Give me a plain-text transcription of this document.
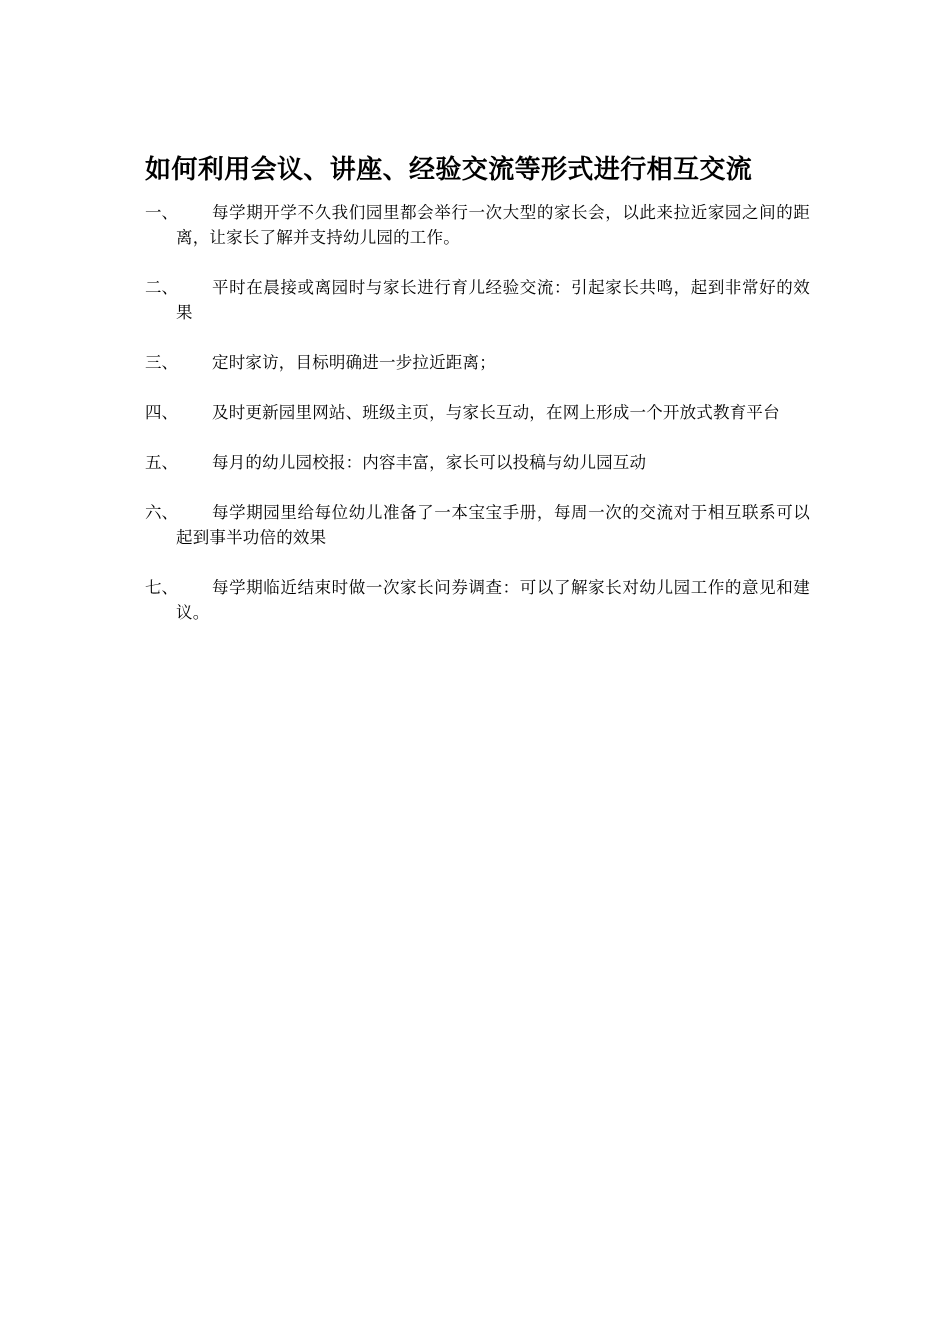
如何利用会议、讲座、经验交流等形式进行相互交流
一、	每学期开学不久我们园里都会举行一次大型的家长会，以此来拉近家园之间的距离，让家长了解并支持幼儿园的工作。
二、	平时在晨接或离园时与家长进行育儿经验交流：引起家长共鸣，起到非常好的效果
三、	定时家访，目标明确进一步拉近距离；
四、	及时更新园里网站、班级主页，与家长互动，在网上形成一个开放式教育平台
五、	每月的幼儿园校报：内容丰富，家长可以投稿与幼儿园互动
六、	每学期园里给每位幼儿准备了一本宝宝手册，每周一次的交流对于相互联系可以起到事半功倍的效果
七、	每学期临近结束时做一次家长问券调查：可以了解家长对幼儿园工作的意见和建议。
